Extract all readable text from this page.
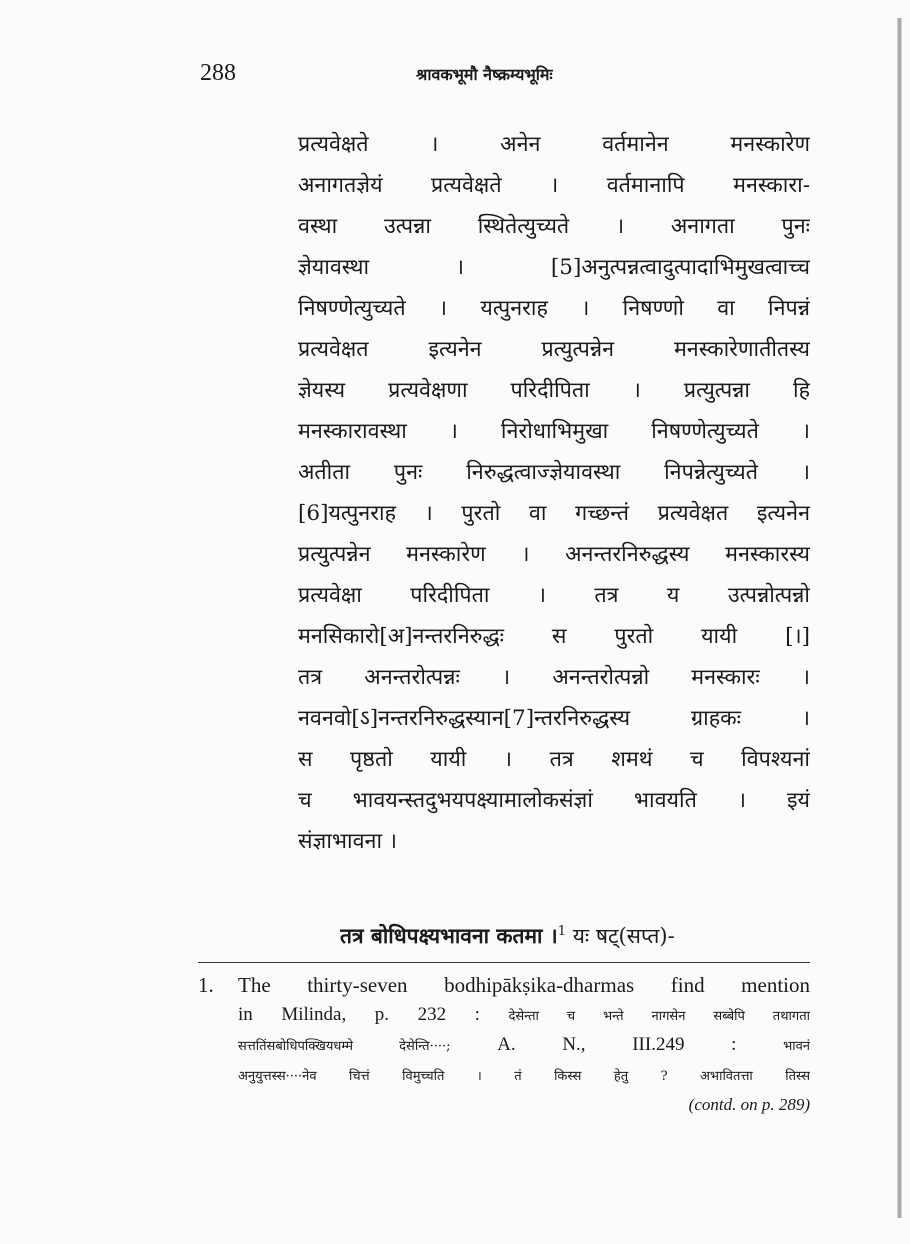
288	श्रावकभूमौ नैष्क्रम्यभूमिः
प्रत्यवेक्षते । अनेन वर्तमानेन मनस्कारेण
अनागतज्ञेयं प्रत्यवेक्षते । वर्तमानापि मनस्कारा-
वस्था उत्पन्ना स्थितेत्युच्यते । अनागता पुनः
ज्ञेयावस्था । [5]अनुत्पन्नत्वादुत्पादाभिमुखत्वाच्च
निषण्णेत्युच्यते । यत्पुनराह । निषण्णो वा निपन्नं
प्रत्यवेक्षत इत्यनेन प्रत्युत्पन्नेन मनस्कारेणातीतस्य
ज्ञेयस्य प्रत्यवेक्षणा परिदीपिता । प्रत्युत्पन्ना हि
मनस्कारावस्था । निरोधाभिमुखा निषण्णेत्युच्यते ।
अतीता पुनः निरुद्धत्वाज्ज्ञेयावस्था निपन्नेत्युच्यते ।
[6]यत्पुनराह । पुरतो वा गच्छन्तं प्रत्यवेक्षत इत्यनेन
प्रत्युत्पन्नेन मनस्कारेण । अनन्तरनिरुद्धस्य मनस्कारस्य
प्रत्यवेक्षा परिदीपिता । तत्र य उत्पन्नोत्पन्नो
मनसिकारो[अ]नन्तरनिरुद्धः स पुरतो यायी [।]
तत्र अनन्तरोत्पन्नः । अनन्तरोत्पन्नो मनस्कारः ।
नवनवो[ऽ]नन्तरनिरुद्धस्यान[7]न्तरनिरुद्धस्य ग्राहकः ।
स पृष्ठतो यायी । तत्र शमथं च विपश्यनां
च भावयन्स्तदुभयपक्ष्यामालोकसंज्ञां भावयति । इयं
संज्ञाभावना ।
तत्र बोधिपक्ष्यभावना कतमा ।$^1$ यः षट्(सप्त)-
1. The thirty-seven bodhipākṣika-dharmas find mention
in Milinda, p. 232 : देसेन्ता च भन्ते नागसेन सब्बेपि तथागता
सत्ततिंसबोधिपक्खियधम्मे देसेन्ति····; A. N., III.249 :	भावनं
अनुयुत्तस्स····नेव चित्तं विमुच्चति । तं किस्स हेतु ? अभावितत्ता तिस्स
(contd. on p. 289)
